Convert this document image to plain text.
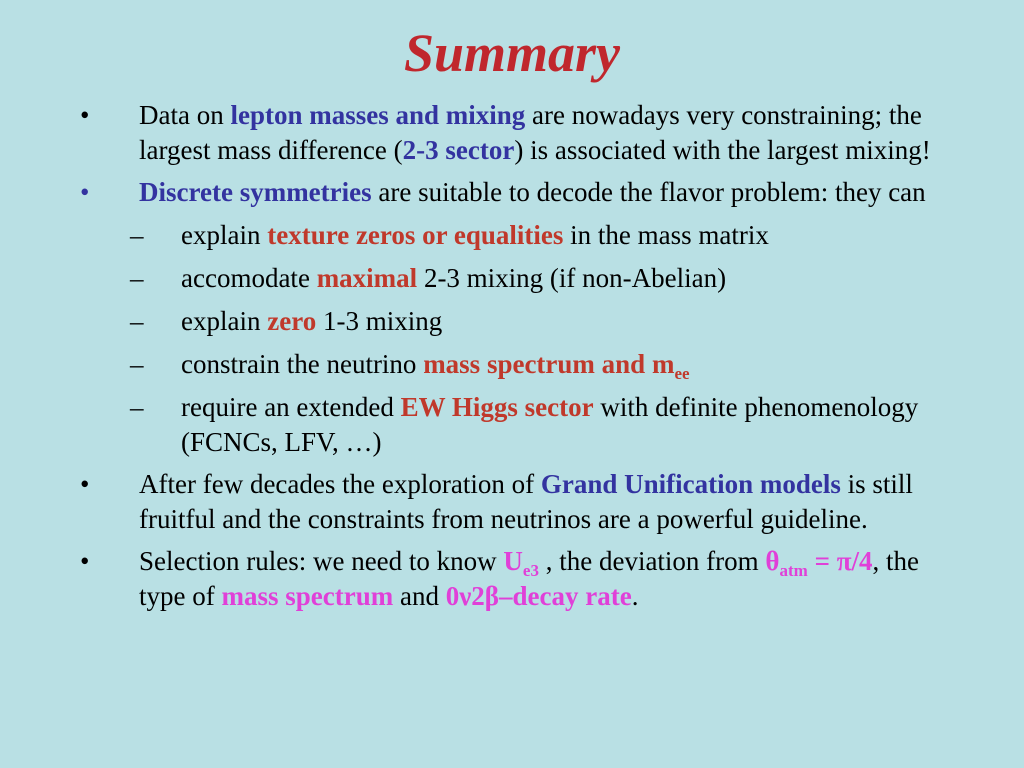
Summary
• Data on lepton masses and mixing are nowadays very constraining; the largest mass difference (2-3 sector) is associated with the largest mixing!
• Discrete symmetries are suitable to decode the flavor problem: they can
– explain texture zeros or equalities in the mass matrix
– accomodate maximal 2-3 mixing (if non-Abelian)
– explain zero 1-3 mixing
– constrain the neutrino mass spectrum and $m_{ee}$
– require an extended EW Higgs sector with definite phenomenology (FCNCs, LFV, …)
• After few decades the exploration of Grand Unification models is still fruitful and the constraints from neutrinos are a powerful guideline.
• Selection rules: we need to know $U_{e3}$ , the deviation from $\theta_{atm} = \pi/4$, the type of mass spectrum and 0ν2β–decay rate.
